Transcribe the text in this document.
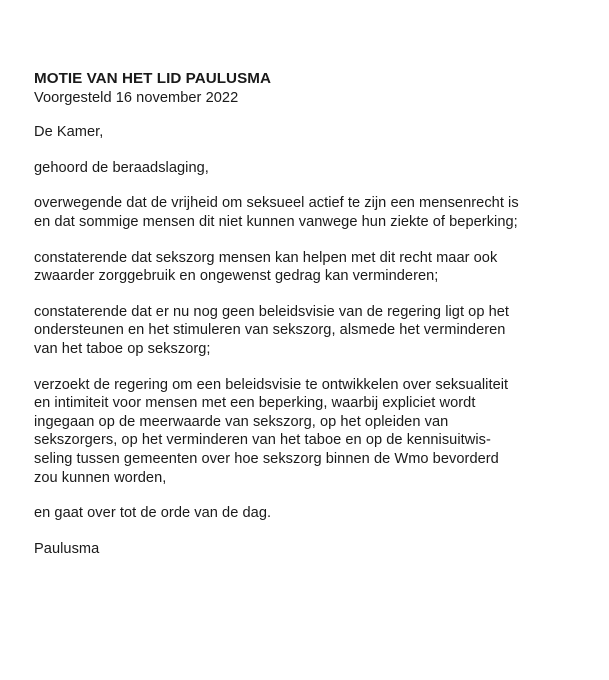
MOTIE VAN HET LID PAULUSMA

Voorgesteld 16 november 2022

De Kamer,

gehoord de beraadslaging,

overwegende dat de vrijheid om seksueel actief te zijn een mensenrecht is
en dat sommige mensen dit niet kunnen vanwege hun ziekte of beperking;
constaterende dat sekszorg mensen kan helpen met dit recht maar ook
zwaarder zorggebruik en ongewenst gedrag kan verminderen;
constaterende dat er nu nog geen beleidsvisie van de regering ligt op het
ondersteunen en het stimuleren van sekszorg, alsmede het verminderen
van het taboe op sekszorg;
verzoekt de regering om een beleidsvisie te ontwikkelen over seksualiteit
en intimiteit voor mensen met een beperking, waarbij expliciet wordt
ingegaan op de meerwaarde van sekszorg, op het opleiden van
sekszorgers, op het verminderen van het taboe en op de kennisuitwis-
seling tussen gemeenten over hoe sekszorg binnen de Wmo bevorderd
zou kunnen worden,

en gaat over tot de orde van de dag.

Paulusma
